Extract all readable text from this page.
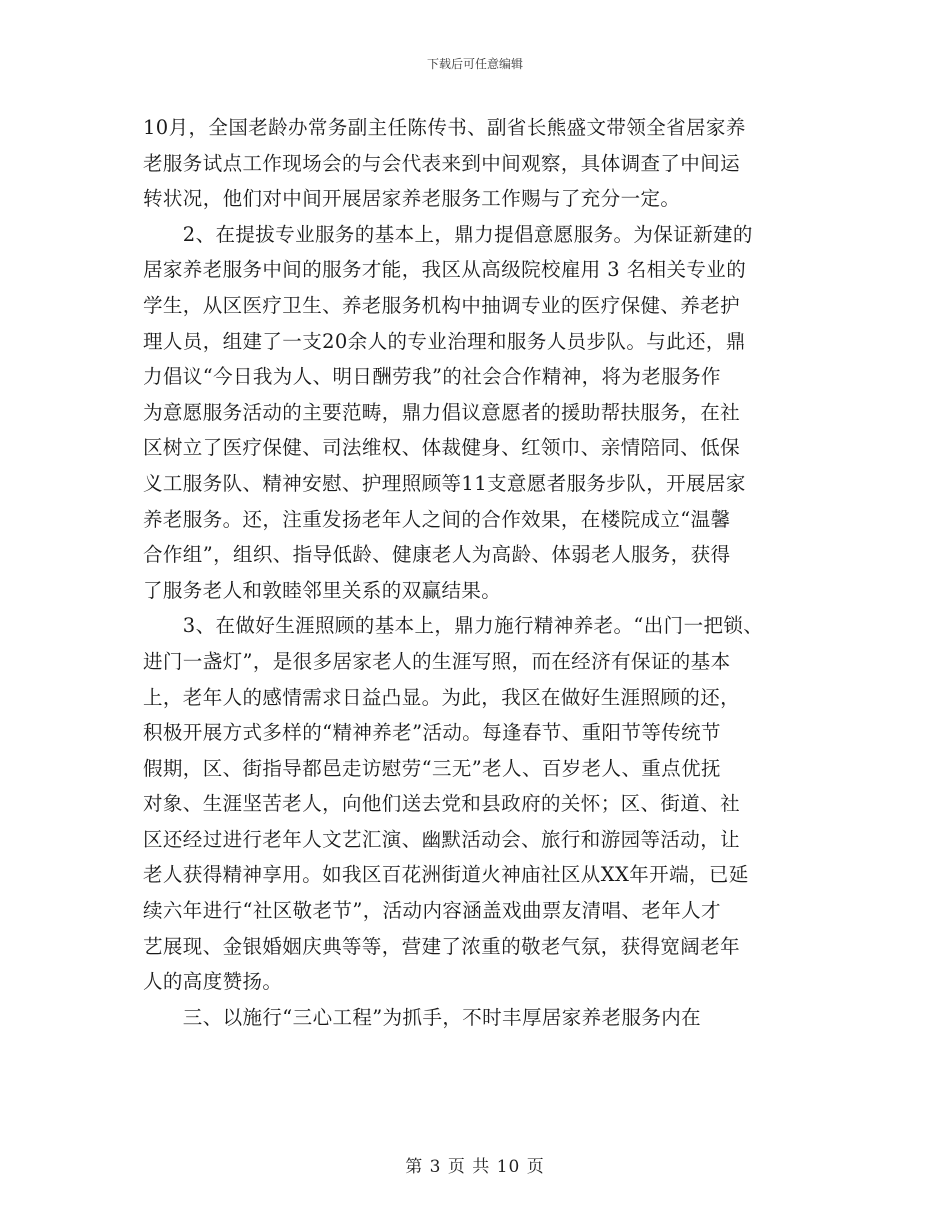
下载后可任意编辑
10月，全国老龄办常务副主任陈传书、副省长熊盛文带领全省居家养
老服务试点工作现场会的与会代表来到中间观察，具体调查了中间运
转状况，他们对中间开展居家养老服务工作赐与了充分一定。
　　2、在提拔专业服务的基本上，鼎力提倡意愿服务。为保证新建的
居家养老服务中间的服务才能，我区从高级院校雇用 3 名相关专业的
学生，从区医疗卫生、养老服务机构中抽调专业的医疗保健、养老护
理人员，组建了一支20余人的专业治理和服务人员步队。与此还，鼎
力倡议“今日我为人、明日酬劳我”的社会合作精神，将为老服务作
为意愿服务活动的主要范畴，鼎力倡议意愿者的援助帮扶服务，在社
区树立了医疗保健、司法维权、体裁健身、红领巾、亲情陪同、低保
义工服务队、精神安慰、护理照顾等11支意愿者服务步队，开展居家
养老服务。还，注重发扬老年人之间的合作效果，在楼院成立“温馨
合作组”，组织、指导低龄、健康老人为高龄、体弱老人服务，获得
了服务老人和敦睦邻里关系的双赢结果。
　　3、在做好生涯照顾的基本上，鼎力施行精神养老。“出门一把锁、
进门一盏灯”，是很多居家老人的生涯写照，而在经济有保证的基本
上，老年人的感情需求日益凸显。为此，我区在做好生涯照顾的还，
积极开展方式多样的“精神养老”活动。每逢春节、重阳节等传统节
假期，区、街指导都邑走访慰劳“三无”老人、百岁老人、重点优抚
对象、生涯坚苦老人，向他们送去党和县政府的关怀；区、街道、社
区还经过进行老年人文艺汇演、幽默活动会、旅行和游园等活动，让
老人获得精神享用。如我区百花洲街道火神庙社区从XX年开端，已延
续六年进行“社区敬老节”，活动内容涵盖戏曲票友清唱、老年人才
艺展现、金银婚姻庆典等等，营建了浓重的敬老气氛，获得宽阔老年
人的高度赞扬。
　　三、以施行“三心工程”为抓手，不时丰厚居家养老服务内在
第 3 页 共 10 页
